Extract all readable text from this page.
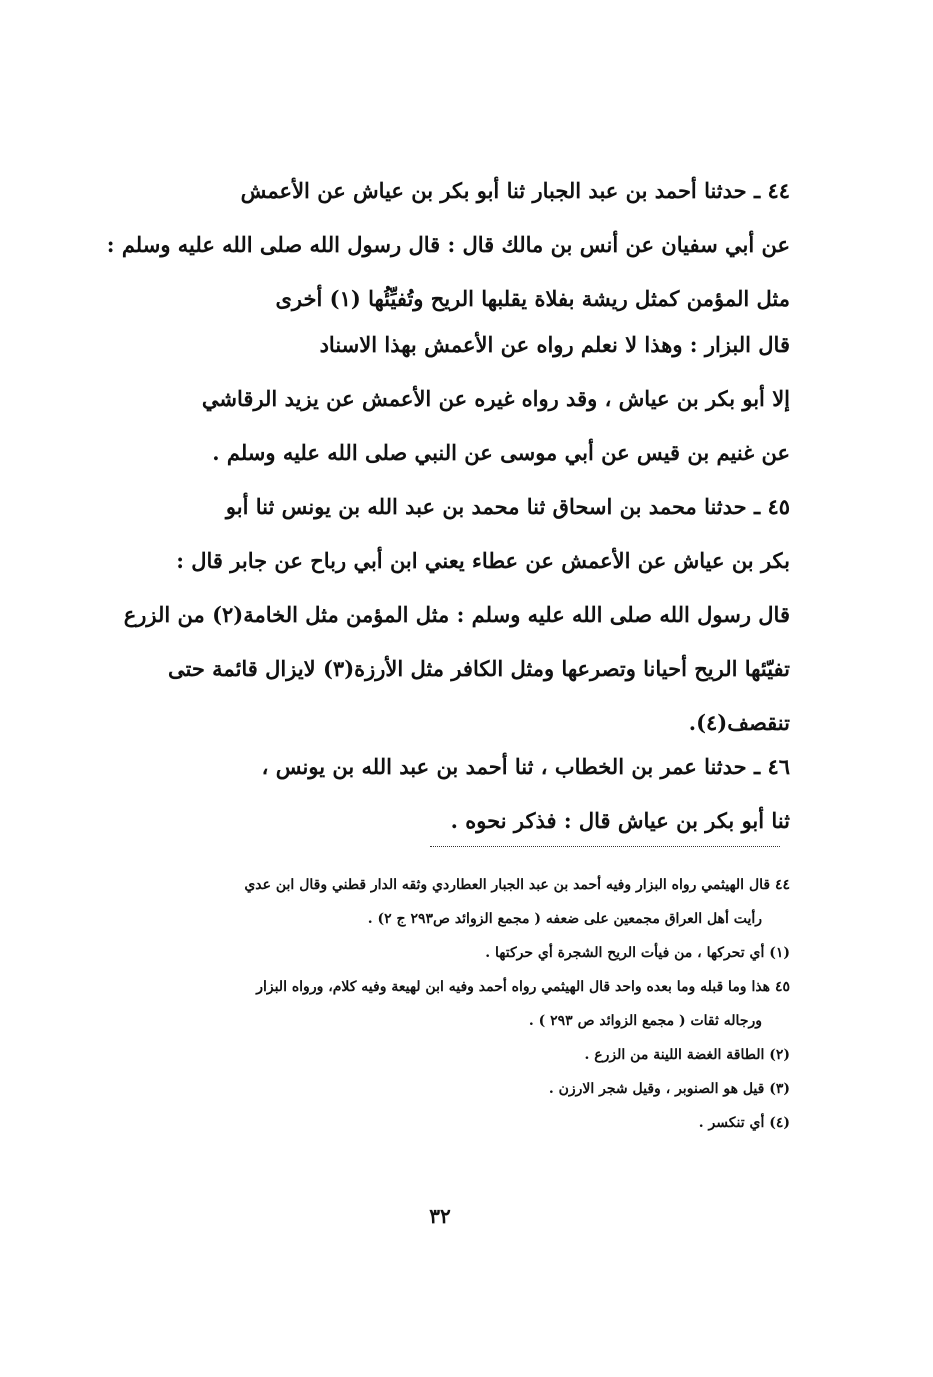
٤٤ ـ حدثنا أحمد بن عبد الجبار ثنا أبو بكر بن عياش عن الأعمش
عن أبي سفيان عن أنس بن مالك قال : قال رسول الله صلى الله عليه وسلم :
مثل المؤمن كمثل ريشة بفلاة يقلبها الريح وتُفيِّئُها (١) أخرى
قال البزار : وهذا لا نعلم رواه عن الأعمش بهذا الاسناد
إلا أبو بكر بن عياش ، وقد رواه غيره عن الأعمش عن يزيد الرقاشي
عن غنيم بن قيس عن أبي موسى عن النبي صلى الله عليه وسلم .
٤٥ ـ حدثنا محمد بن اسحاق ثنا محمد بن عبد الله بن يونس ثنا أبو
بكر بن عياش عن الأعمش عن عطاء يعني ابن أبي رباح عن جابر قال :
قال رسول الله صلى الله عليه وسلم : مثل المؤمن مثل الخامة(٢) من الزرع
تفيّئها الريح أحيانا وتصرعها ومثل الكافر مثل الأرزة(٣) لايزال قائمة حتى
تنقصف(٤).
٤٦ ـ حدثنا عمر بن الخطاب ، ثنا أحمد بن عبد الله بن يونس ،
ثنا أبو بكر بن عياش قال : فذكر نحوه .
٤٤ قال الهيثمي رواه البزار وفيه أحمد بن عبد الجبار العطاردي وثقه الدار قطني وقال ابن عدي
رأيت أهل العراق مجمعين على ضعفه ( مجمع الزوائد ص٢٩٣ ج ٢) .
(١) أي تحركها ، من فيأت الريح الشجرة أي حركتها .
٤٥ هذا وما قبله وما بعده واحد قال الهيثمي رواه أحمد وفيه ابن لهيعة وفيه كلام، ورواه البزار
ورجاله ثقات ( مجمع الزوائد ص ٢٩٣ ) .
(٢) الطاقة الغضة اللينة من الزرع .
(٣) قيل هو الصنوبر ، وقيل شجر الارزن .
(٤) أي تنكسر .
٣٢
